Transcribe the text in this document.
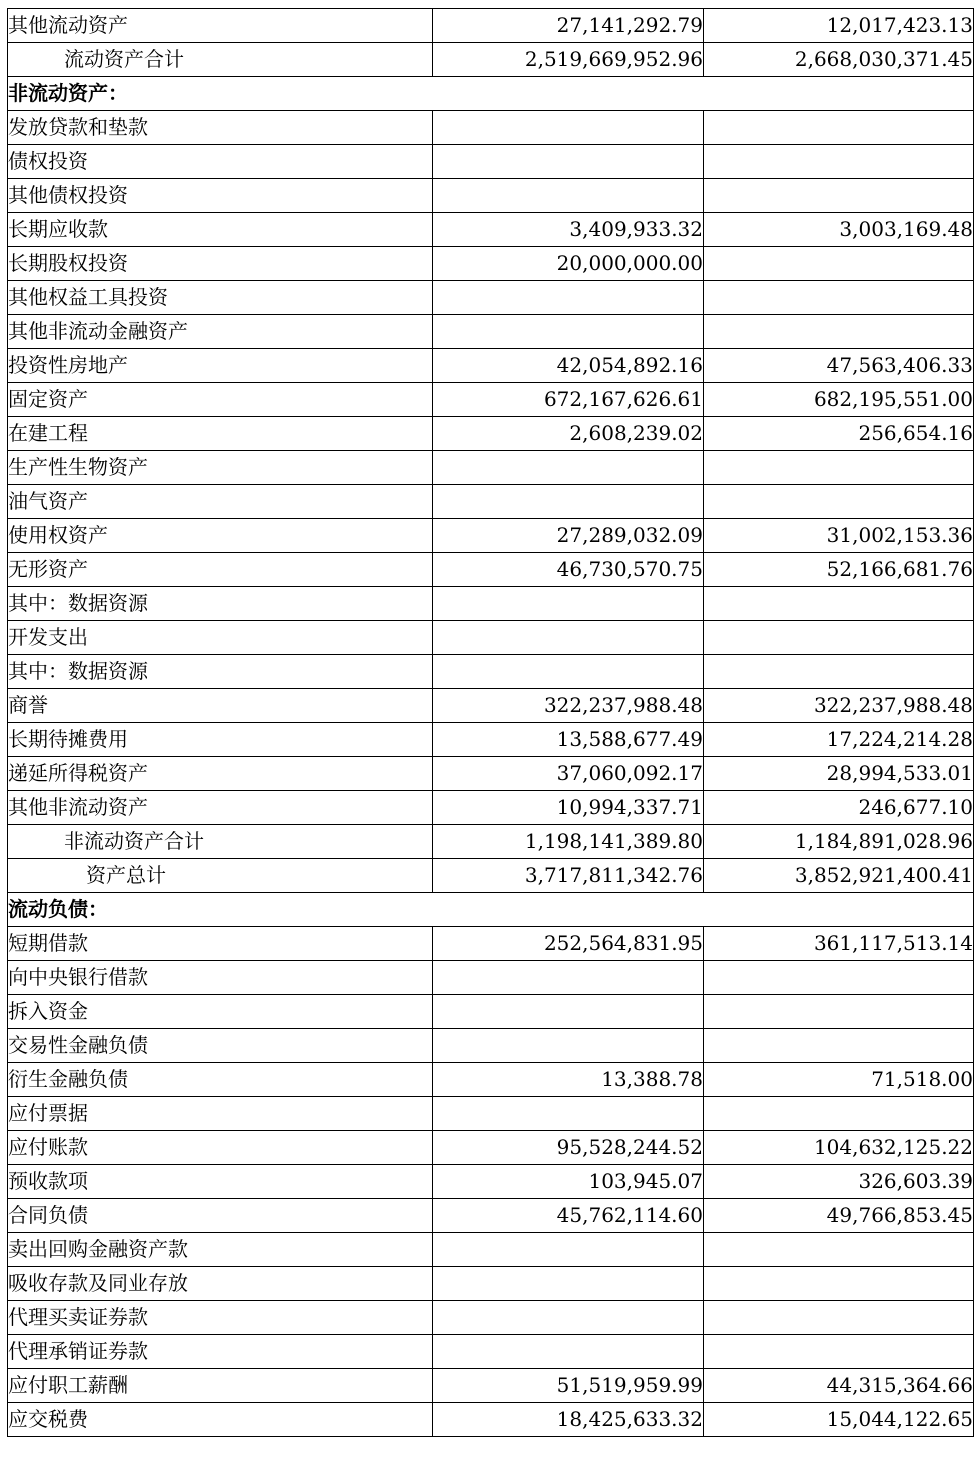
其他流动资产	27,141,292.79	12,017,423.13
流动资产合计	2,519,669,952.96	2,668,030,371.45
非流动资产：		
发放贷款和垫款		
债权投资		
其他债权投资		
长期应收款	3,409,933.32	3,003,169.48
长期股权投资	20,000,000.00	
其他权益工具投资		
其他非流动金融资产		
投资性房地产	42,054,892.16	47,563,406.33
固定资产	672,167,626.61	682,195,551.00
在建工程	2,608,239.02	256,654.16
生产性生物资产		
油气资产		
使用权资产	27,289,032.09	31,002,153.36
无形资产	46,730,570.75	52,166,681.76
其中：数据资源		
开发支出		
其中：数据资源		
商誉	322,237,988.48	322,237,988.48
长期待摊费用	13,588,677.49	17,224,214.28
递延所得税资产	37,060,092.17	28,994,533.01
其他非流动资产	10,994,337.71	246,677.10
非流动资产合计	1,198,141,389.80	1,184,891,028.96
资产总计	3,717,811,342.76	3,852,921,400.41
流动负债：		
短期借款	252,564,831.95	361,117,513.14
向中央银行借款		
拆入资金		
交易性金融负债		
衍生金融负债	13,388.78	71,518.00
应付票据		
应付账款	95,528,244.52	104,632,125.22
预收款项	103,945.07	326,603.39
合同负债	45,762,114.60	49,766,853.45
卖出回购金融资产款		
吸收存款及同业存放		
代理买卖证券款		
代理承销证券款		
应付职工薪酬	51,519,959.99	44,315,364.66
应交税费	18,425,633.32	15,044,122.65
